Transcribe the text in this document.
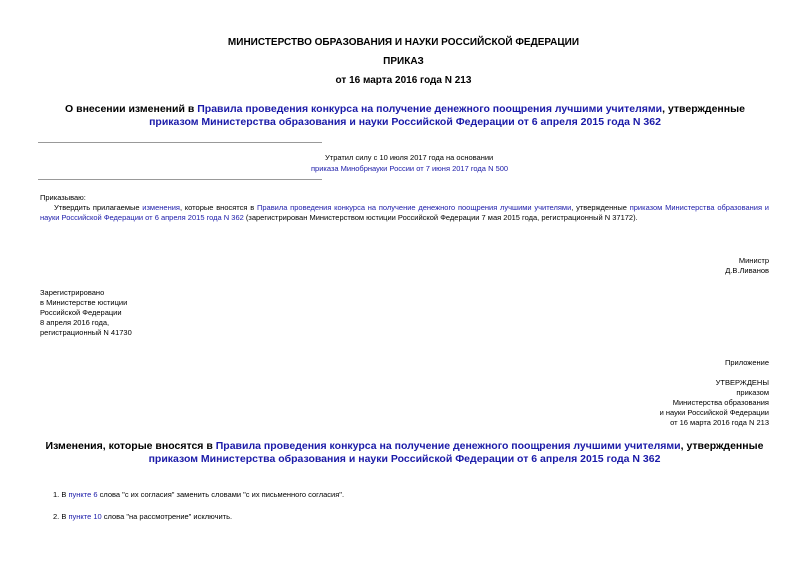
МИНИСТЕРСТВО ОБРАЗОВАНИЯ И НАУКИ РОССИЙСКОЙ ФЕДЕРАЦИИ
ПРИКАЗ
от 16 марта 2016 года N 213
О внесении изменений в Правила проведения конкурса на получение денежного поощрения лучшими учителями, утвержденные приказом Министерства образования и науки Российской Федерации от 6 апреля 2015 года N 362
Утратил силу с 10 июля 2017 года на основании
приказа Минобрнауки России от 7 июня 2017 года N 500
Приказываю:
Утвердить прилагаемые изменения, которые вносятся в Правила проведения конкурса на получение денежного поощрения лучшими учителями, утвержденные приказом Министерства образования и науки Российской Федерации от 6 апреля 2015 года N 362 (зарегистрирован Министерством юстиции Российской Федерации 7 мая 2015 года, регистрационный N 37172).
Министр
Д.В.Ливанов
Зарегистрировано
в Министерстве юстиции
Российской Федерации
8 апреля 2016 года,
регистрационный N 41730
Приложение
УТВЕРЖДЕНЫ
приказом
Министерства образования
и науки Российской Федерации
от 16 марта 2016 года N 213
Изменения, которые вносятся в Правила проведения конкурса на получение денежного поощрения лучшими учителями, утвержденные приказом Министерства образования и науки Российской Федерации от 6 апреля 2015 года N 362
1. В пункте 6 слова "с их согласия" заменить словами "с их письменного согласия".
2. В пункте 10 слова "на рассмотрение" исключить.
